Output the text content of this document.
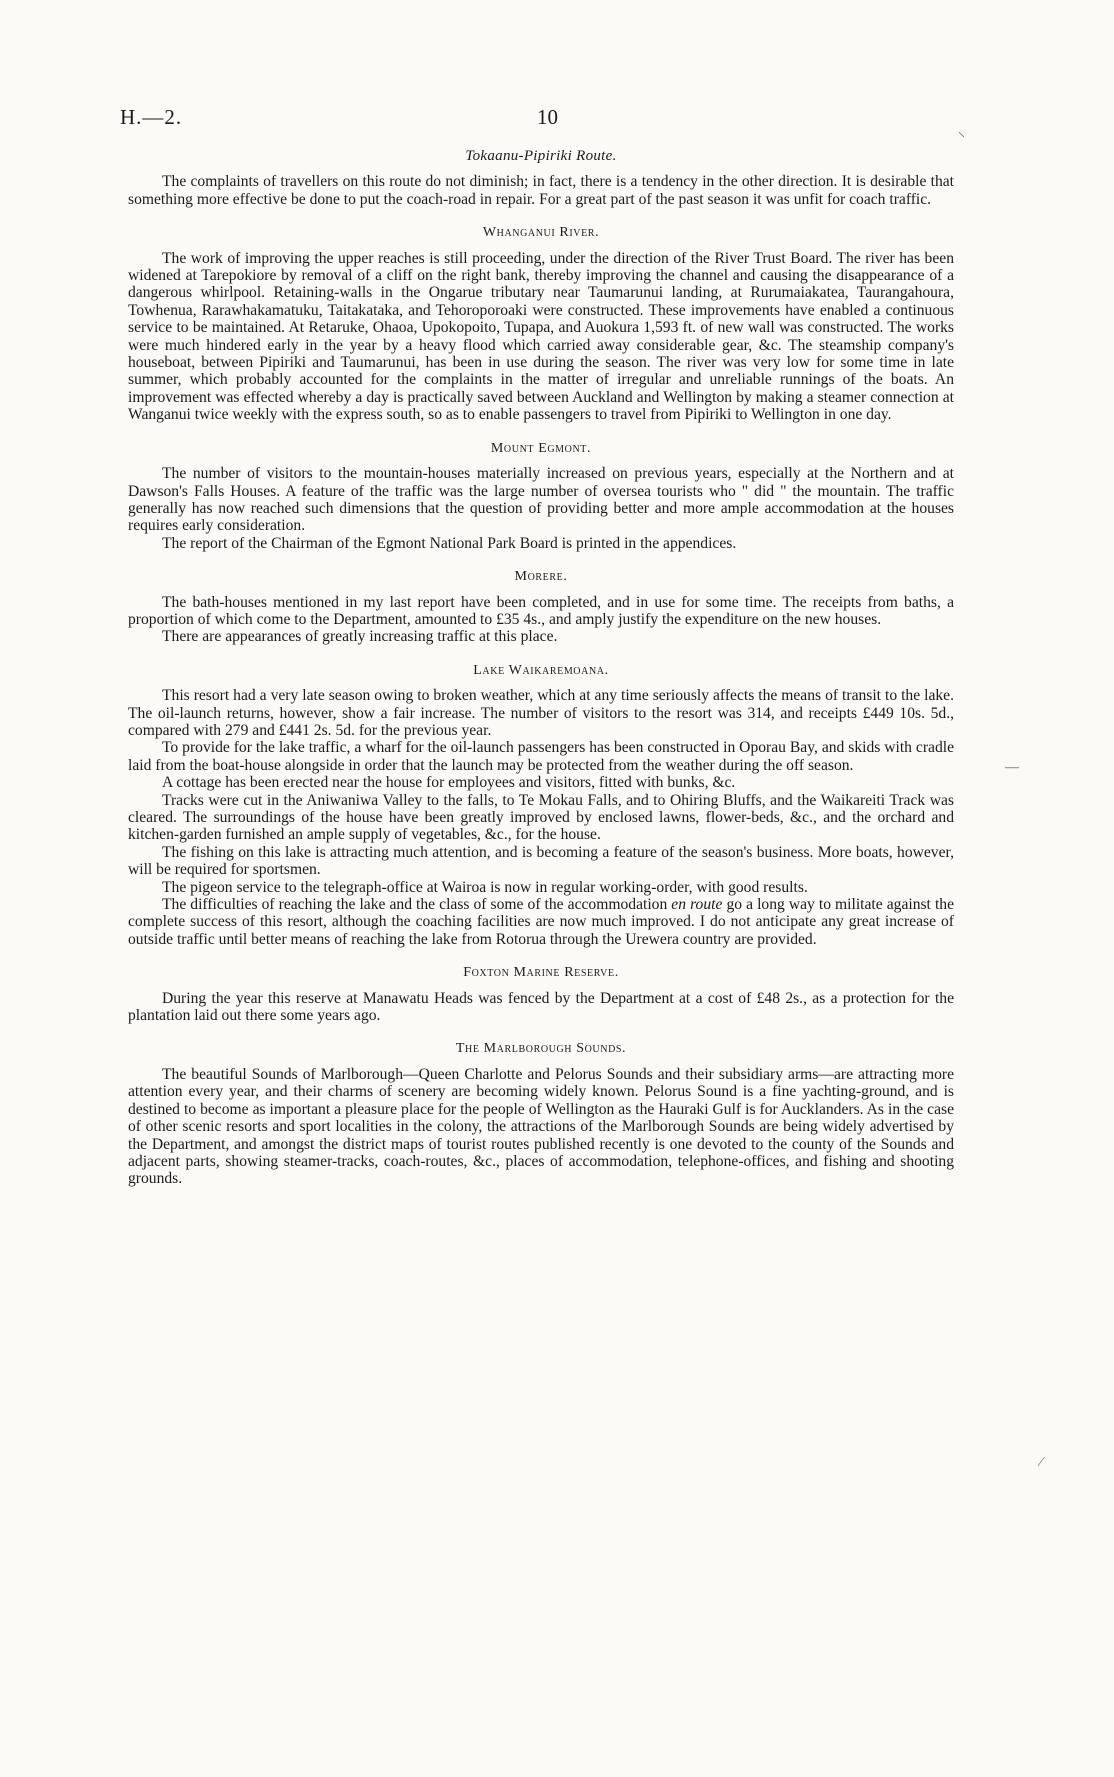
H.—2.	10
⸌
—
⁄
Tokaanu-Pipiriki Route.

The complaints of travellers on this route do not diminish; in fact, there is a tendency in the other direction. It is desirable that something more effective be done to put the coach-road in repair. For a great part of the past season it was unfit for coach traffic.

Whanganui River.

The work of improving the upper reaches is still proceeding, under the direction of the River Trust Board. The river has been widened at Tarepokiore by removal of a cliff on the right bank, thereby improving the channel and causing the disappearance of a dangerous whirlpool. Retaining-walls in the Ongarue tributary near Taumarunui landing, at Rurumaiakatea, Taurangahoura, Towhenua, Rarawhakamatuku, Taitakataka, and Tehoroporoaki were constructed. These improvements have enabled a continuous service to be maintained. At Retaruke, Ohaoa, Upokopoito, Tupapa, and Auokura 1,593 ft. of new wall was constructed. The works were much hindered early in the year by a heavy flood which carried away considerable gear, &c. The steamship company's houseboat, between Pipiriki and Taumarunui, has been in use during the season. The river was very low for some time in late summer, which probably accounted for the complaints in the matter of irregular and unreliable runnings of the boats. An improvement was effected whereby a day is practically saved between Auckland and Wellington by making a steamer connection at Wanganui twice weekly with the express south, so as to enable passengers to travel from Pipiriki to Wellington in one day.

Mount Egmont.

The number of visitors to the mountain-houses materially increased on previous years, especially at the Northern and at Dawson's Falls Houses. A feature of the traffic was the large number of oversea tourists who " did " the mountain. The traffic generally has now reached such dimensions that the question of providing better and more ample accommodation at the houses requires early consideration.

The report of the Chairman of the Egmont National Park Board is printed in the appendices.

Morere.

The bath-houses mentioned in my last report have been completed, and in use for some time. The receipts from baths, a proportion of which come to the Department, amounted to £35 4s., and amply justify the expenditure on the new houses.

There are appearances of greatly increasing traffic at this place.

Lake Waikaremoana.

This resort had a very late season owing to broken weather, which at any time seriously affects the means of transit to the lake. The oil-launch returns, however, show a fair increase. The number of visitors to the resort was 314, and receipts £449 10s. 5d., compared with 279 and £441 2s. 5d. for the previous year.

To provide for the lake traffic, a wharf for the oil-launch passengers has been constructed in Oporau Bay, and skids with cradle laid from the boat-house alongside in order that the launch may be protected from the weather during the off season.

A cottage has been erected near the house for employees and visitors, fitted with bunks, &c.

Tracks were cut in the Aniwaniwa Valley to the falls, to Te Mokau Falls, and to Ohiring Bluffs, and the Waikareiti Track was cleared. The surroundings of the house have been greatly improved by enclosed lawns, flower-beds, &c., and the orchard and kitchen-garden furnished an ample supply of vegetables, &c., for the house.

The fishing on this lake is attracting much attention, and is becoming a feature of the season's business. More boats, however, will be required for sportsmen.

The pigeon service to the telegraph-office at Wairoa is now in regular working-order, with good results.

The difficulties of reaching the lake and the class of some of the accommodation en route go a long way to militate against the complete success of this resort, although the coaching facilities are now much improved. I do not anticipate any great increase of outside traffic until better means of reaching the lake from Rotorua through the Urewera country are provided.

Foxton Marine Reserve.

During the year this reserve at Manawatu Heads was fenced by the Department at a cost of £48 2s., as a protection for the plantation laid out there some years ago.

The Marlborough Sounds.

The beautiful Sounds of Marlborough—Queen Charlotte and Pelorus Sounds and their subsidiary arms—are attracting more attention every year, and their charms of scenery are becoming widely known. Pelorus Sound is a fine yachting-ground, and is destined to become as important a pleasure place for the people of Wellington as the Hauraki Gulf is for Aucklanders. As in the case of other scenic resorts and sport localities in the colony, the attractions of the Marlborough Sounds are being widely advertised by the Department, and amongst the district maps of tourist routes published recently is one devoted to the county of the Sounds and adjacent parts, showing steamer-tracks, coach-routes, &c., places of accommodation, telephone-offices, and fishing and shooting grounds.
